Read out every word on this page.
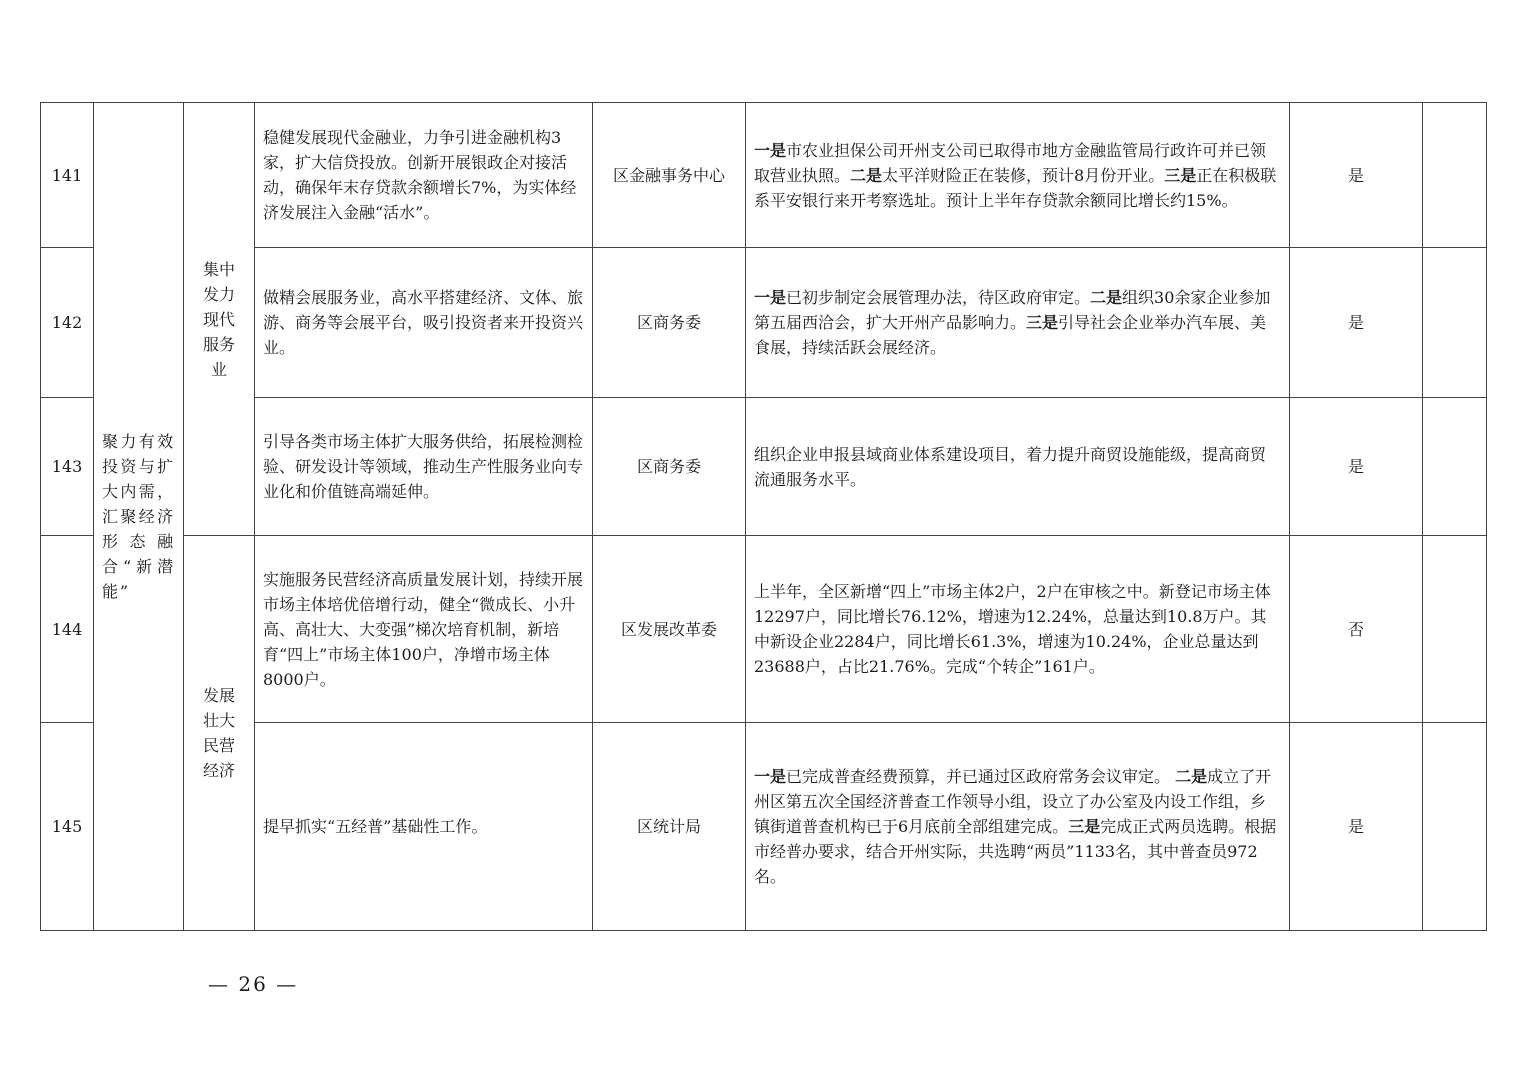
141	聚力有效投资与扩大内需，汇聚经济形态融合“新潜能”	集中发力现代服务业	稳健发展现代金融业，力争引进金融机构3家，扩大信贷投放。创新开展银政企对接活动，确保年末存贷款余额增长7%，为实体经济发展注入金融“活水”。	区金融事务中心	一是市农业担保公司开州支公司已取得市地方金融监管局行政许可并已领取营业执照。二是太平洋财险正在装修，预计8月份开业。三是正在积极联系平安银行来开考察选址。预计上半年存贷款余额同比增长约15%。	是	
142			做精会展服务业，高水平搭建经济、文体、旅游、商务等会展平台，吸引投资者来开投资兴业。	区商务委	一是已初步制定会展管理办法，待区政府审定。二是组织30余家企业参加第五届西洽会，扩大开州产品影响力。三是引导社会企业举办汽车展、美食展，持续活跃会展经济。	是	
143			引导各类市场主体扩大服务供给，拓展检测检验、研发设计等领域，推动生产性服务业向专业化和价值链高端延伸。	区商务委	组织企业申报县域商业体系建设项目，着力提升商贸设施能级，提高商贸流通服务水平。	是	
144		发展壮大民营经济	实施服务民营经济高质量发展计划，持续开展市场主体培优倍增行动，健全“微成长、小升高、高壮大、大变强”梯次培育机制，新培育“四上”市场主体100户，净增市场主体8000户。	区发展改革委	上半年，全区新增“四上”市场主体2户，2户在审核之中。新登记市场主体12297户，同比增长76.12%，增速为12.24%，总量达到10.8万户。其中新设企业2284户，同比增长61.3%，增速为10.24%，企业总量达到23688户，占比21.76%。完成“个转企”161户。	否	
145			提早抓实“五经普”基础性工作。	区统计局	一是已完成普查经费预算，并已通过区政府常务会议审定。 二是成立了开州区第五次全国经济普查工作领导小组，设立了办公室及内设工作组，乡镇街道普查机构已于6月底前全部组建完成。三是完成正式两员选聘。根据市经普办要求，结合开州实际，共选聘“两员”1133名，其中普查员972名。	是	
— 26 —
